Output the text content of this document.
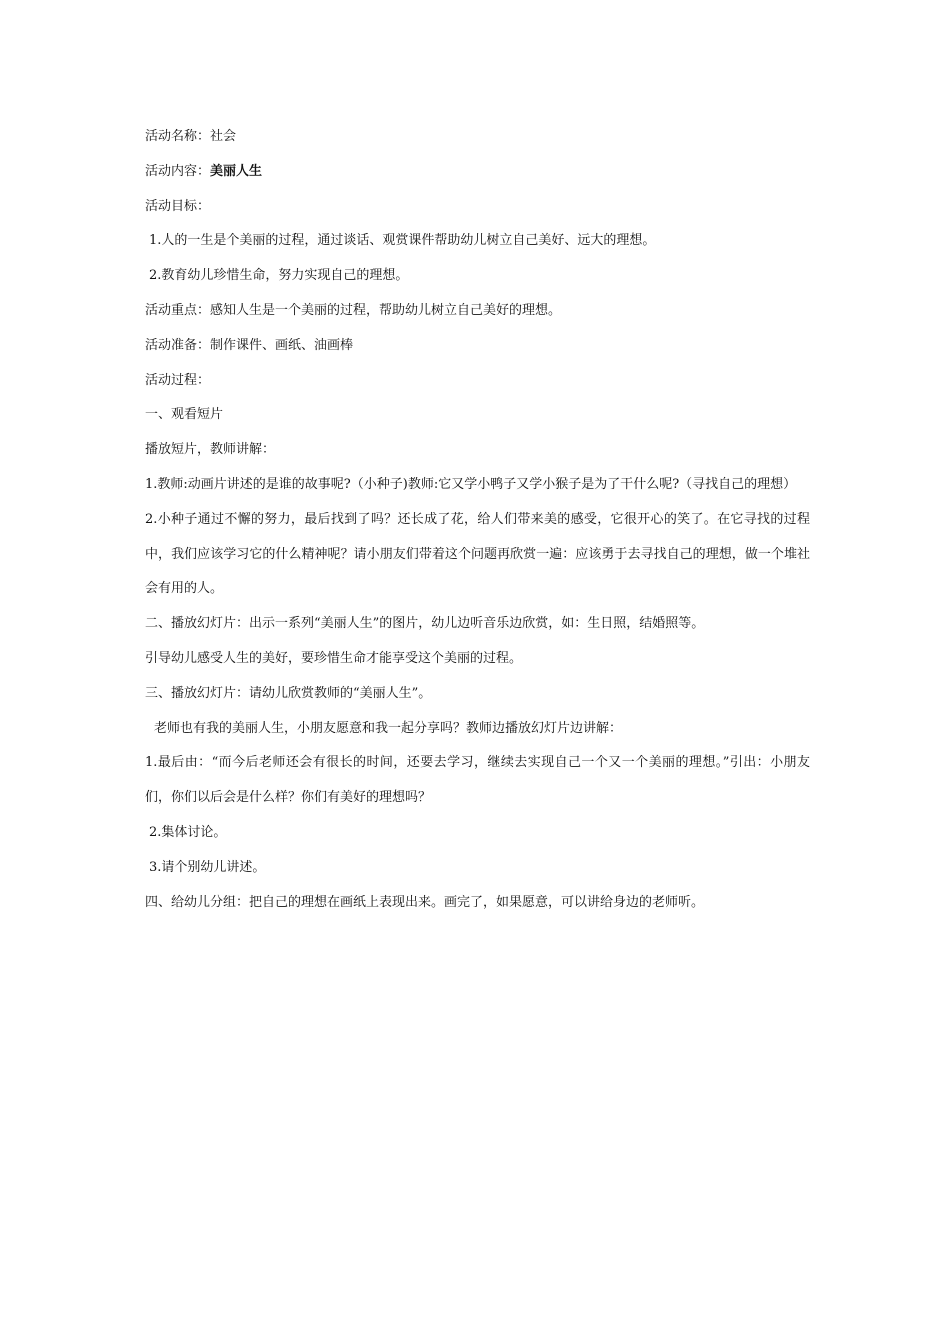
活动名称：社会
活动内容：美丽人生
活动目标：
1.人的一生是个美丽的过程，通过谈话、观赏课件帮助幼儿树立自己美好、远大的理想。
2.教育幼儿珍惜生命，努力实现自己的理想。
活动重点：感知人生是一个美丽的过程，帮助幼儿树立自己美好的理想。
活动准备：制作课件、画纸、油画棒
活动过程：
一、观看短片
播放短片，教师讲解：
1.教师:动画片讲述的是谁的故事呢?（小种子)教师:它又学小鸭子又学小猴子是为了干什么呢?（寻找自己的理想）
2.小种子通过不懈的努力，最后找到了吗？还长成了花，给人们带来美的感受，它很开心的笑了。在它寻找的过程中，我们应该学习它的什么精神呢？请小朋友们带着这个问题再欣赏一遍：应该勇于去寻找自己的理想，做一个堆社会有用的人。
二、播放幻灯片：出示一系列“美丽人生”的图片，幼儿边听音乐边欣赏，如：生日照，结婚照等。
引导幼儿感受人生的美好，要珍惜生命才能享受这个美丽的过程。
三、播放幻灯片：请幼儿欣赏教师的“美丽人生”。
老师也有我的美丽人生，小朋友愿意和我一起分享吗？教师边播放幻灯片边讲解：
1.最后由：“而今后老师还会有很长的时间，还要去学习，继续去实现自己一个又一个美丽的理想。”引出：小朋友们，你们以后会是什么样？你们有美好的理想吗？
2.集体讨论。
3.请个别幼儿讲述。
四、给幼儿分组：把自己的理想在画纸上表现出来。画完了，如果愿意，可以讲给身边的老师听。
